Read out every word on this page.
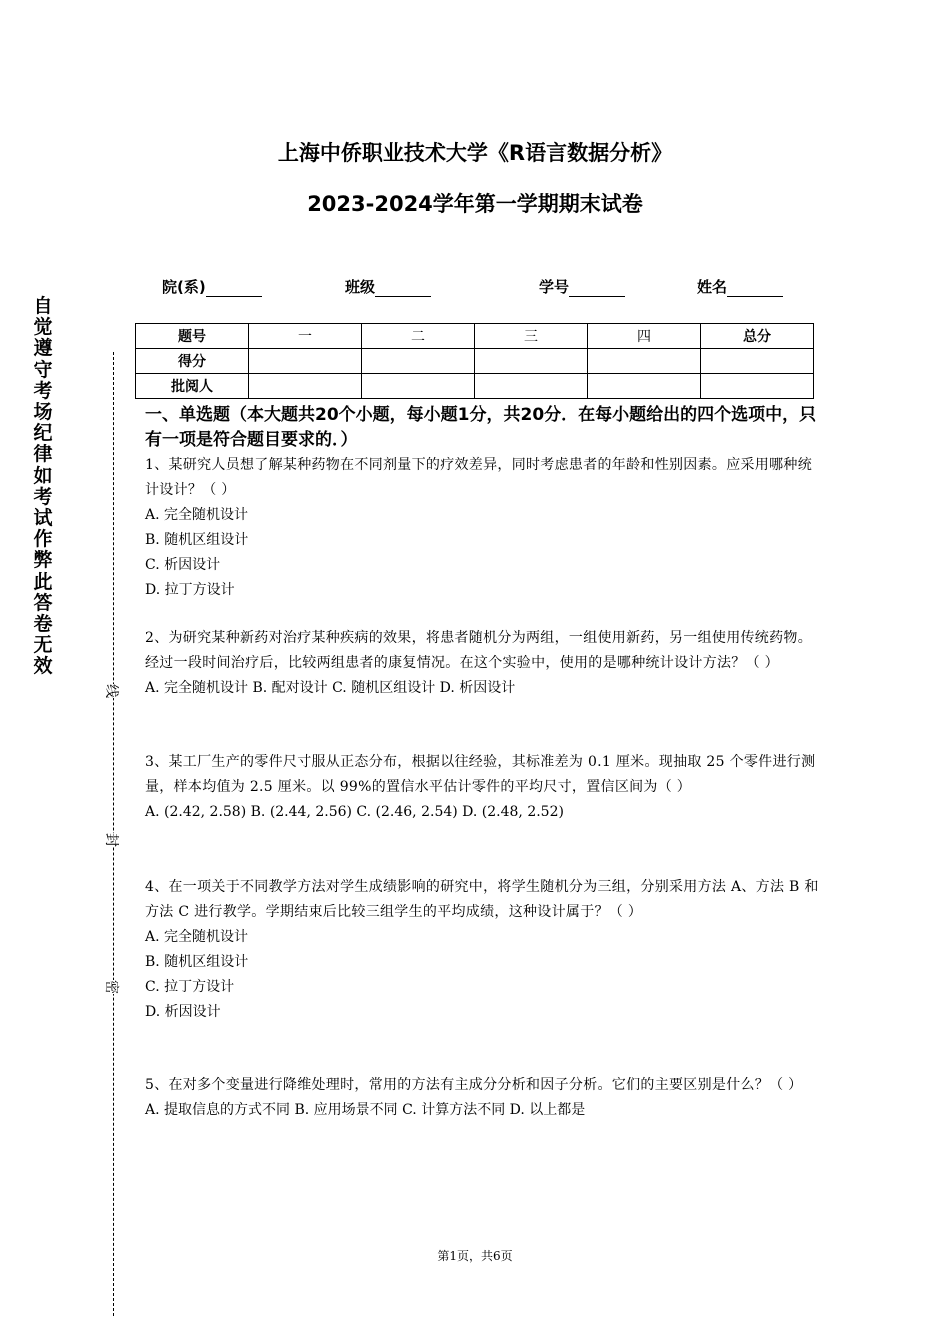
上海中侨职业技术大学《R语言数据分析》
2023-2024学年第一学期期末试卷
院(系)	班级	学号	姓名
自觉遵守考场纪律如考试作弊此答卷无效
线
封
密
题号	一	二	三	四	总分
得分					
批阅人					
一、单选题（本大题共20个小题，每小题1分，共20分．在每小题给出的四个选项中，只有一项是符合题目要求的．）
1、某研究人员想了解某种药物在不同剂量下的疗效差异，同时考虑患者的年龄和性别因素。应采用哪种统计设计？（ ）
A. 完全随机设计
B. 随机区组设计
C. 析因设计
D. 拉丁方设计
2、为研究某种新药对治疗某种疾病的效果，将患者随机分为两组，一组使用新药，另一组使用传统药物。经过一段时间治疗后，比较两组患者的康复情况。在这个实验中，使用的是哪种统计设计方法？（ ）
A. 完全随机设计 B. 配对设计 C. 随机区组设计 D. 析因设计
3、某工厂生产的零件尺寸服从正态分布，根据以往经验，其标准差为 0.1 厘米。现抽取 25 个零件进行测量，样本均值为 2.5 厘米。以 99%的置信水平估计零件的平均尺寸，置信区间为（ ）
A. (2.42, 2.58) B. (2.44, 2.56) C. (2.46, 2.54) D. (2.48, 2.52)
4、在一项关于不同教学方法对学生成绩影响的研究中，将学生随机分为三组，分别采用方法 A、方法 B 和方法 C 进行教学。学期结束后比较三组学生的平均成绩，这种设计属于？（ ）
A. 完全随机设计
B. 随机区组设计
C. 拉丁方设计
D. 析因设计
5、在对多个变量进行降维处理时，常用的方法有主成分分析和因子分析。它们的主要区别是什么？（ ）
A. 提取信息的方式不同 B. 应用场景不同 C. 计算方法不同 D. 以上都是
第1页，共6页
